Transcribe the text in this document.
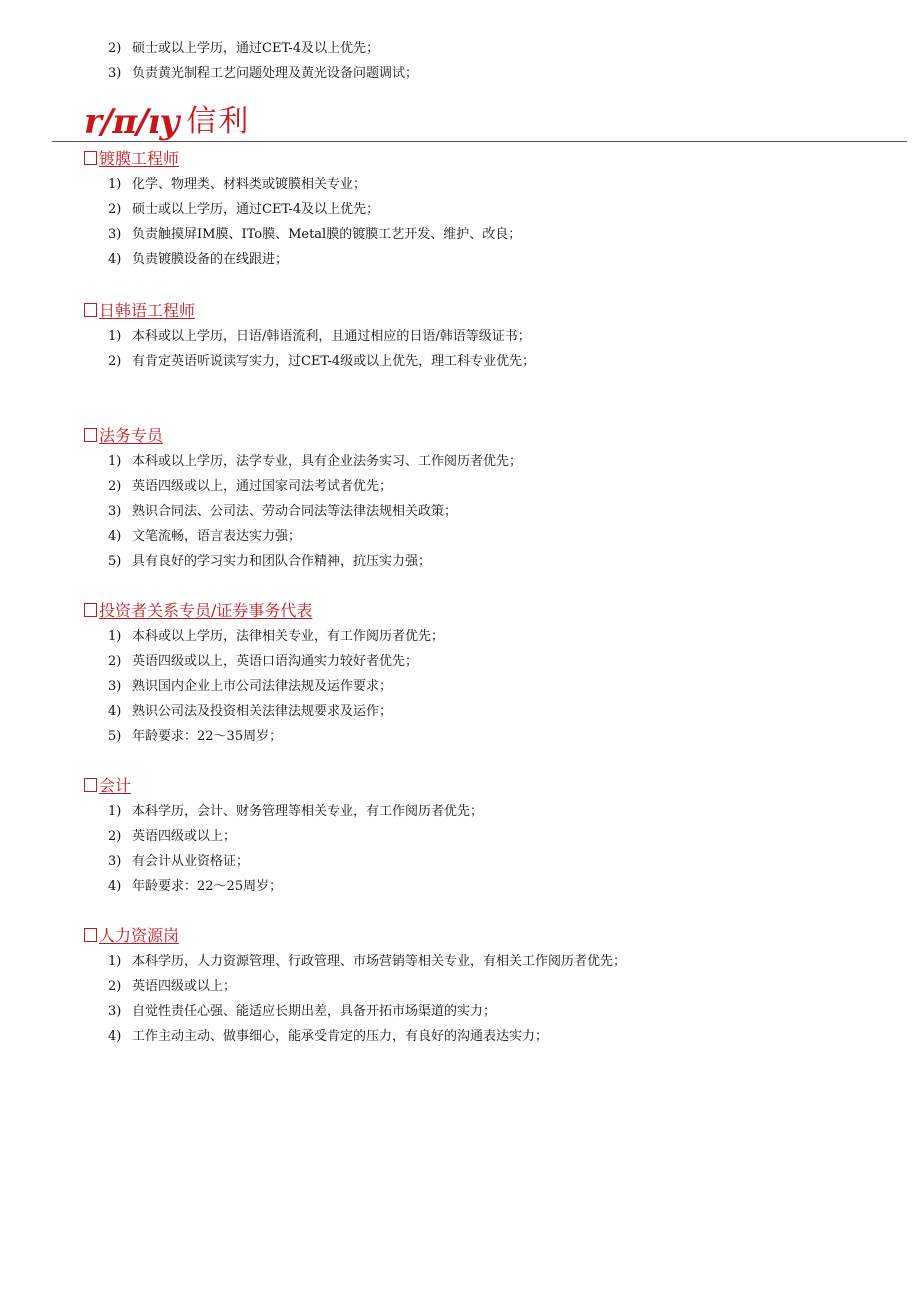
2) 硕士或以上学历，通过CET-4及以上优先；
3) 负责黄光制程工艺问题处理及黄光设备问题调试；
r/π/ıy 信利
镀膜工程师
1) 化学、物理类、材料类或镀膜相关专业；
2) 硕士或以上学历，通过CET-4及以上优先；
3) 负责触摸屏IM膜、ITo膜、Metal膜的镀膜工艺开发、维护、改良；
4) 负责镀膜设备的在线跟进；
日韩语工程师
1) 本科或以上学历，日语/韩语流利，且通过相应的日语/韩语等级证书；
2) 有肯定英语听说读写实力，过CET-4级或以上优先，理工科专业优先；
法务专员
1) 本科或以上学历，法学专业，具有企业法务实习、工作阅历者优先；
2) 英语四级或以上，通过国家司法考试者优先；
3) 熟识合同法、公司法、劳动合同法等法律法规相关政策；
4) 文笔流畅，语言表达实力强；
5) 具有良好的学习实力和团队合作精神，抗压实力强；
投资者关系专员/证券事务代表
1) 本科或以上学历，法律相关专业，有工作阅历者优先；
2) 英语四级或以上，英语口语沟通实力较好者优先；
3) 熟识国内企业上市公司法律法规及运作要求；
4) 熟识公司法及投资相关法律法规要求及运作；
5) 年龄要求：22〜35周岁；
会计
1) 本科学历，会计、财务管理等相关专业，有工作阅历者优先；
2) 英语四级或以上；
3) 有会计从业资格证；
4) 年龄要求：22〜25周岁；
人力资源岗
1) 本科学历，人力资源管理、行政管理、市场营销等相关专业，有相关工作阅历者优先；
2) 英语四级或以上；
3) 自觉性责任心强、能适应长期出差，具备开拓市场渠道的实力；
4) 工作主动主动、做事细心，能承受肯定的压力，有良好的沟通表达实力；
